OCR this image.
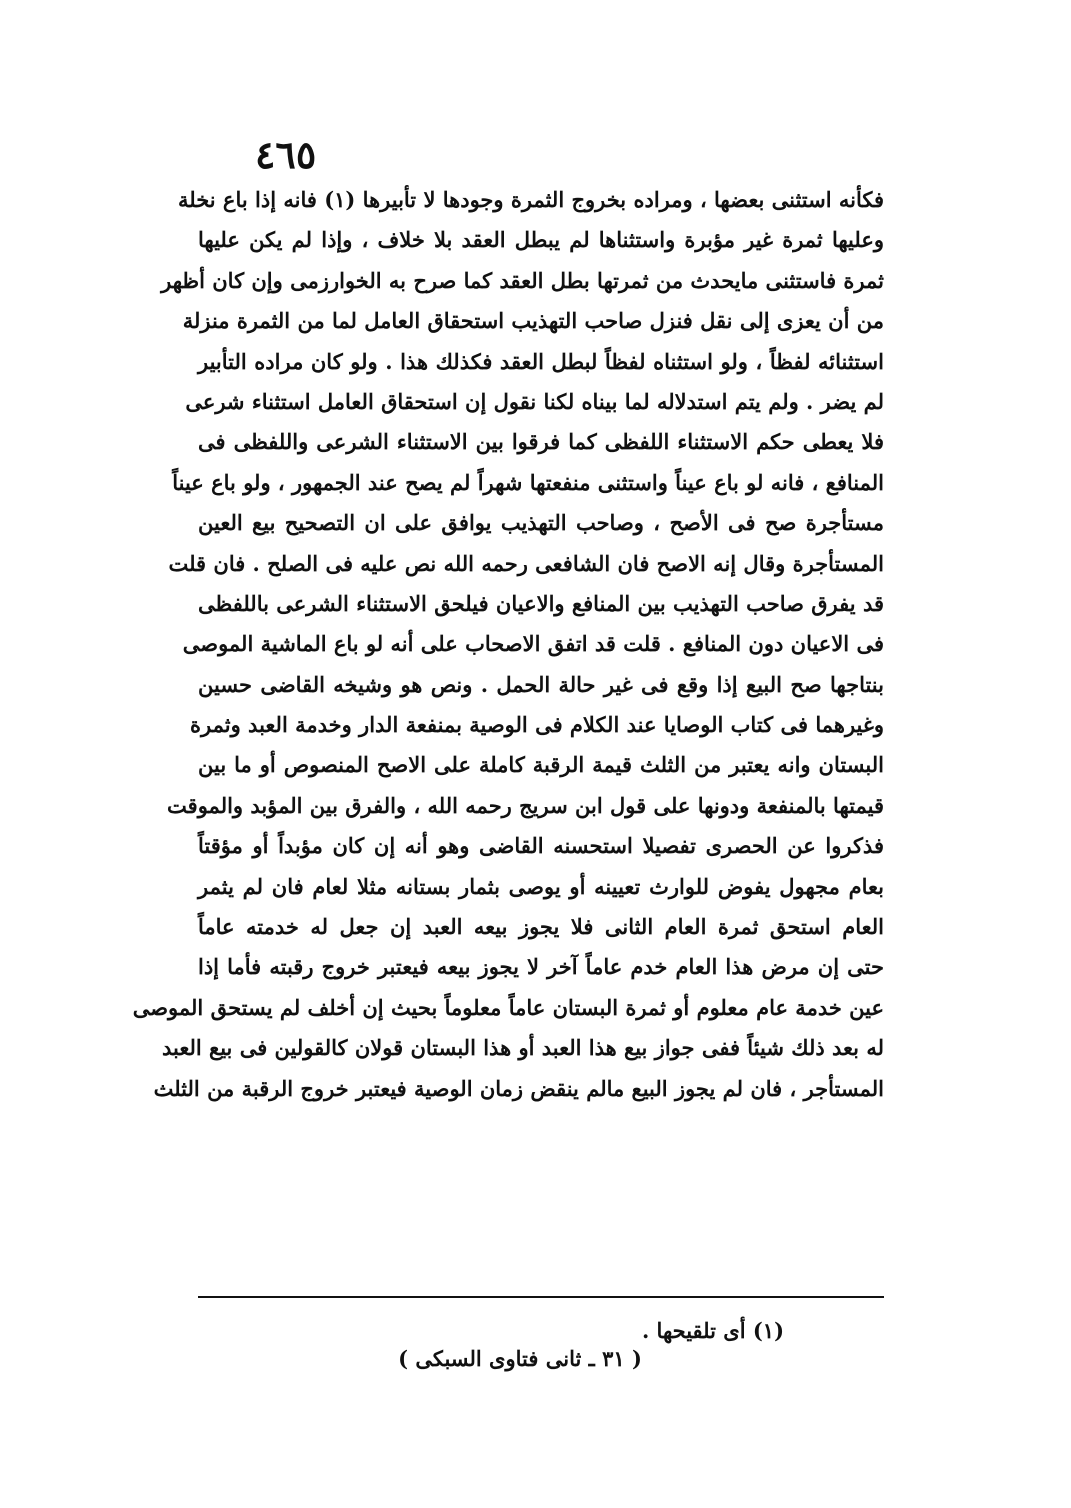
٤٦٥
فكأنه استثنى بعضها ، ومراده بخروج الثمرة وجودها لا تأبيرها (١) فانه إذا باع نخلة
وعليها ثمرة غير مؤبرة واستثناها لم يبطل العقد بلا خلاف ، وإذا لم يكن عليها
ثمرة فاستثنى مايحدث من ثمرتها بطل العقد كما صرح به الخوارزمى وإن كان أظهر
من أن يعزى إلى نقل فنزل صاحب التهذيب استحقاق العامل لما من الثمرة منزلة
استثنائه لفظاً ، ولو استثناه لفظاً لبطل العقد فكذلك هذا . ولو كان مراده التأبير
لم يضر . ولم يتم استدلاله لما بيناه لكنا نقول إن استحقاق العامل استثناء شرعى
فلا يعطى حكم الاستثناء اللفظى كما فرقوا بين الاستثناء الشرعى واللفظى فى
المنافع ، فانه لو باع عيناً واستثنى منفعتها شهراً لم يصح عند الجمهور ، ولو باع عيناً
مستأجرة صح فى الأصح ، وصاحب التهذيب يوافق على ان التصحيح بيع العين
المستأجرة وقال إنه الاصح فان الشافعى رحمه الله نص عليه فى الصلح . فان قلت
قد يفرق صاحب التهذيب بين المنافع والاعيان فيلحق الاستثناء الشرعى باللفظى
فى الاعيان دون المنافع . قلت قد اتفق الاصحاب على أنه لو باع الماشية الموصى
بنتاجها صح البيع إذا وقع فى غير حالة الحمل . ونص هو وشيخه القاضى حسين
وغيرهما فى كتاب الوصايا عند الكلام فى الوصية بمنفعة الدار وخدمة العبد وثمرة
البستان وانه يعتبر من الثلث قيمة الرقبة كاملة على الاصح المنصوص أو ما بين
قيمتها بالمنفعة ودونها على قول ابن سريج رحمه الله ، والفرق بين المؤبد والموقت
فذكروا عن الحصرى تفصيلا استحسنه القاضى وهو أنه إن كان مؤبداً أو مؤقتاً
بعام مجهول يفوض للوارث تعيينه أو يوصى بثمار بستانه مثلا لعام فان لم يثمر
العام استحق ثمرة العام الثانى فلا يجوز بيعه العبد إن جعل له خدمته عاماً
حتى إن مرض هذا العام خدم عاماً آخر لا يجوز بيعه فيعتبر خروج رقبته فأما إذا
عين خدمة عام معلوم أو ثمرة البستان عاماً معلوماً بحيث إن أخلف لم يستحق الموصى
له بعد ذلك شيئاً ففى جواز بيع هذا العبد أو هذا البستان قولان كالقولين فى بيع العبد
المستأجر ، فان لم يجوز البيع مالم ينقض زمان الوصية فيعتبر خروج الرقبة من الثلث
(١) أى تلقيحها .
( ٣١ ـ ثانى فتاوى السبكى )
